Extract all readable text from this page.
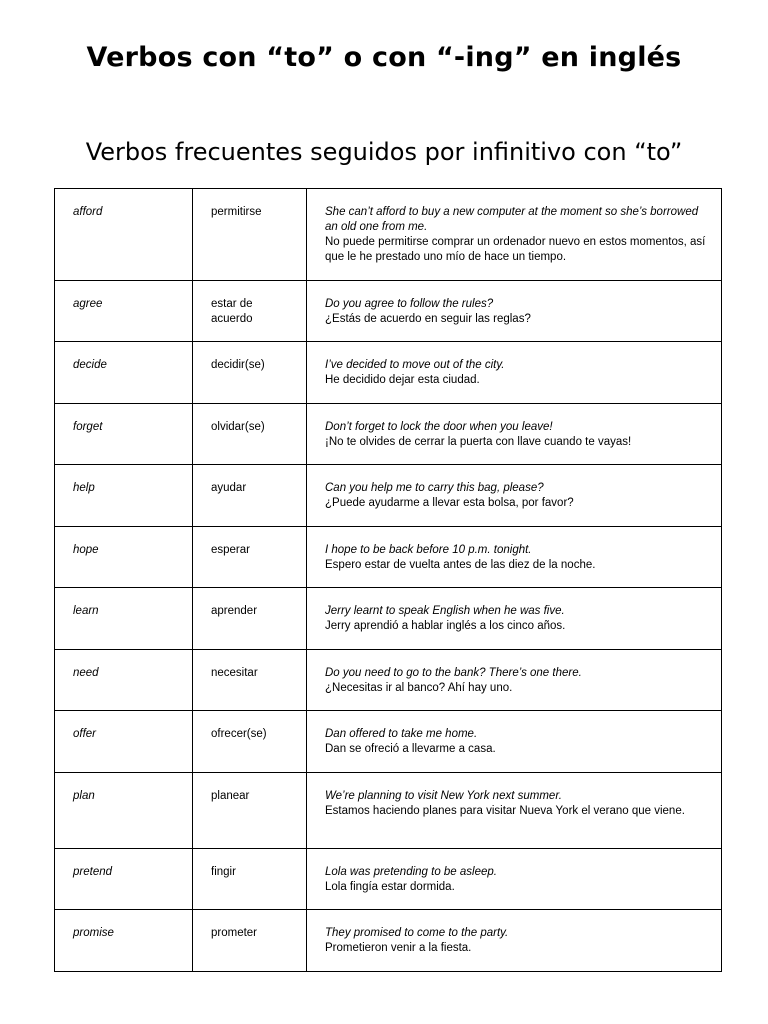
Verbos con “to” o con “-ing” en inglés
Verbos frecuentes seguidos por infinitivo con “to”
afford	permitirse	She can’t afford to buy a new computer at the moment so she’s borrowed an old one from me.
No puede permitirse comprar un ordenador nuevo en estos momentos, así que le he prestado uno mío de hace un tiempo.

agree	estar de acuerdo	Do you agree to follow the rules?
¿Estás de acuerdo en seguir las reglas?

decide	decidir(se)	I’ve decided to move out of the city.
He decidido dejar esta ciudad.

forget	olvidar(se)	Don’t forget to lock the door when you leave!
¡No te olvides de cerrar la puerta con llave cuando te vayas!

help	ayudar	Can you help me to carry this bag, please?
¿Puede ayudarme a llevar esta bolsa, por favor?

hope	esperar	I hope to be back before 10 p.m. tonight.
Espero estar de vuelta antes de las diez de la noche.

learn	aprender	Jerry learnt to speak English when he was five.
Jerry aprendió a hablar inglés a los cinco años.

need	necesitar	Do you need to go to the bank? There’s one there.
¿Necesitas ir al banco? Ahí hay uno.

offer	ofrecer(se)	Dan offered to take me home.
Dan se ofreció a llevarme a casa.

plan	planear	We’re planning to visit New York next summer.
Estamos haciendo planes para visitar Nueva York el verano que viene.

pretend	fingir	Lola was pretending to be asleep.
Lola fingía estar dormida.

promise	prometer	They promised to come to the party.
Prometieron venir a la fiesta.
